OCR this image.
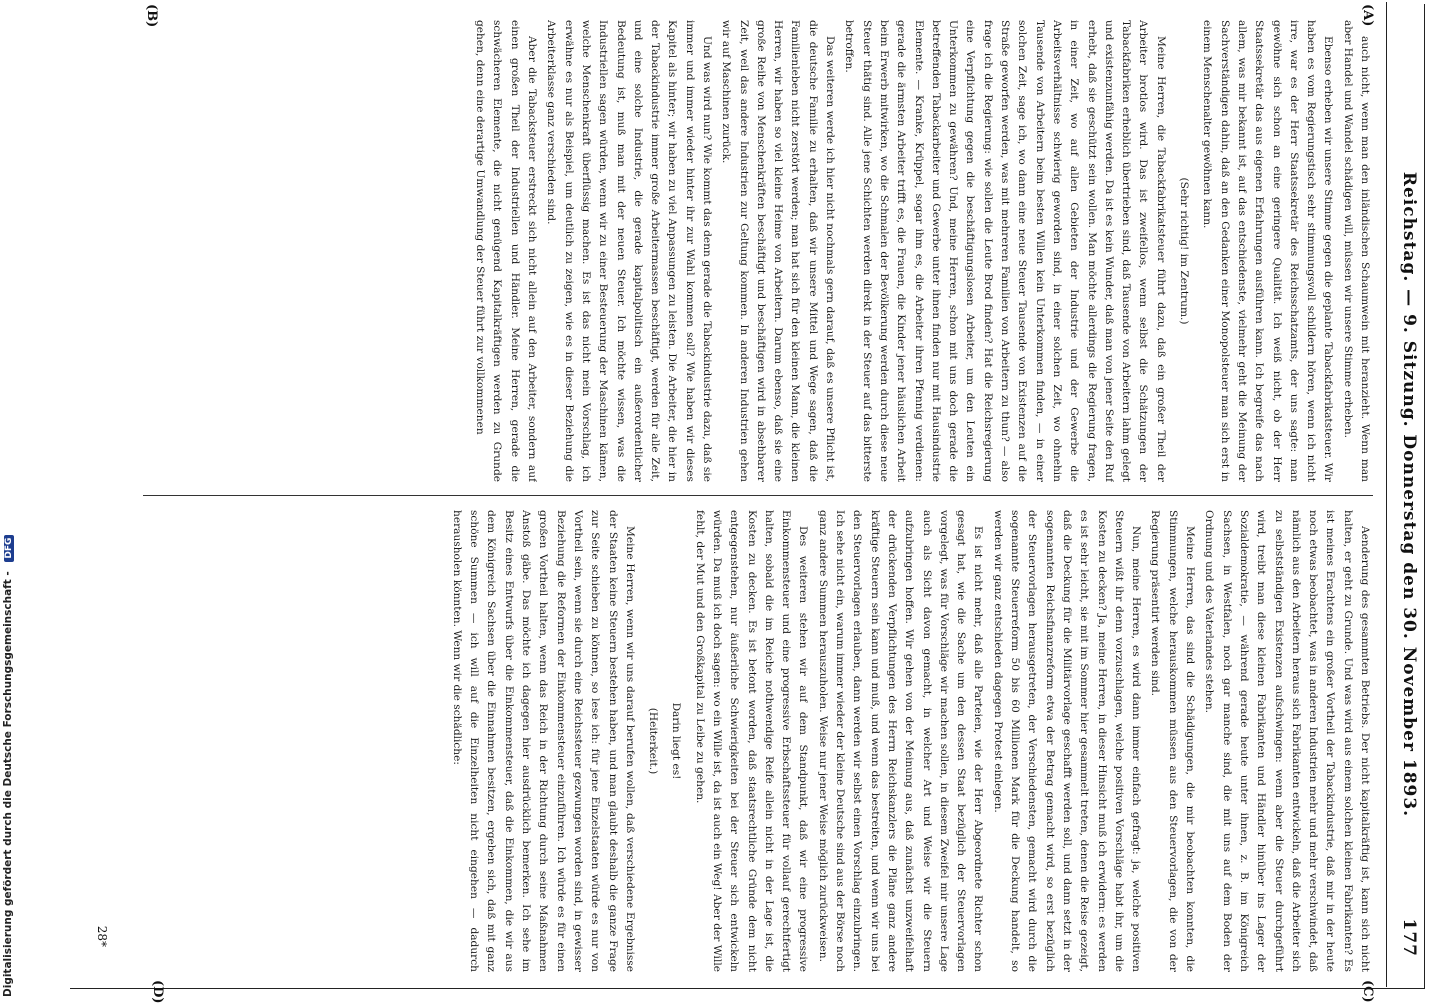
Reichstag. — 9. Sitzung. Donnerstag den 30. November 1893.
177
(A)
(B)
(C)
(D)

auch nicht, wenn man den inländischen Schaumwein mit heranzieht. Wenn man aber Handel und Wandel schädigen will, müssen wir unsere Stimme erheben.

Ebenso erheben wir unsere Stimme gegen die geplante Tabackfabrikatsteuer. Wir haben es vom Regierungstisch sehr stimmungsvoll schildern hören, wenn ich nicht irre, war es der Herr Staatssekretär des Reichsschatzamts, der uns sagte: man gewöhne sich schon an eine geringere Qualität. Ich weiß nicht, ob der Herr Staatssekretär das aus eigenen Erfahrungen ausführen kann. Ich begreife das nach allem, was mir bekannt ist, auf das entschiedenste, vielmehr geht die Meinung der Sachverständigen dahin, daß an den Gedanken einer Monopolsteuer man sich erst in einem Menschenalter gewöhnen kann.

(Sehr richtig! im Zentrum.)

Meine Herren, die Tabackfabrikatsteuer führt dazu, daß ein großer Theil der Arbeiter brotlos wird. Das ist zweifellos, wenn selbst die Schätzungen der Tabackfabriken erheblich übertrieben sind, daß Tausende von Arbeitern lahm gelegt und existenzunfähig werden. Da ist es kein Wunder, daß man von jener Seite den Ruf erhebt, daß sie geschützt sein wollen. Man möchte allerdings die Regierung fragen, in einer Zeit, wo auf allen Gebieten der Industrie und der Gewerbe die Arbeitsverhältnisse schwierig geworden sind, in einer solchen Zeit, wo ohnehin Tausende von Arbeitern beim besten Willen kein Unterkommen finden, — in einer solchen Zeit, sage ich, wo dann eine neue Steuer Tausende von Existenzen auf die Straße geworfen werden, was mit mehreren Familien von Arbeitern zu thun? — also frage ich die Regierung: wie sollen die Leute Brod finden? Hat die Reichsregierung eine Verpflichtung gegen die beschäftigungslosen Arbeiter, um den Leuten ein Unterkommen zu gewähren? Und, meine Herren, schon mit uns doch gerade die betreffenden Tabackarbeiter und Gewerbe unter ihnen finden nur mit Hausindustrie Elemente. — Kranke, Krüppel, sogar ihm es, die Arbeiter ihren Pfennig verdienen: gerade die ärmsten Arbeiter trifft es, die Frauen, die Kinder jener häuslichen Arbeit beim Erwerb mitwirken, wo die Schmalen der Bevölkerung werden durch diese neue Steuer thätig sind. Alle jene Schichten werden direkt in der Steuer auf das bitterste betroffen.

Das weiteren werde ich hier nicht nochmals gern darauf, daß es unsere Pflicht ist, die deutsche Familie zu erhalten, daß wir unsere Mittel und Wege sagen, daß die Familienleben nicht zerstört werden; man hat sich für den kleinen Mann, die kleinen Herren, wir haben so viel kleine Heime von Arbeitern. Darum ebenso, daß sie eine große Reihe von Menschenkräften beschäftigt und beschäftigen wird in absehbarer Zeit, weil das andere Industrien zur Geltung kommen. In anderen Industrien gehen wir auf Maschinen zurück.

Und was wird nun? Wie kommt das denn gerade die Tabackindustrie dazu, daß sie immer und immer wieder hinter ihr zur Wahl kommen soll? Wie haben wir dieses Kapitel als hinter; wir haben zu viel Anpassungen zu leisten. Die Arbeiter, die hier in der Tabackindustrie immer große Arbeitermassen beschäftigt, werden für alle Zeit, und eine solche Industrie, die gerade kapitalpolitisch ein außerordentlicher Bedeutung ist, muß man mit der neuen Steuer. Ich möchte wissen, was die Industriellen sagen würden, wenn wir zu einer Besteuerung der Maschinen kämen, welche Menschenkraft überflüssig machen. Es ist das nicht mein Vorschlag, ich erwähne es nur als Beispiel, um deutlich zu zeigen, wie es in dieser Beziehung die Arbeiterklasse ganz verschieden sind.

Aber die Tabacksteuer erstreckt sich nicht allein auf den Arbeiter, sondern auf einen großen Theil der Industriellen und Händler. Meine Herren, gerade die schwächeren Elemente, die nicht genügend Kapitalkräftigen werden zu Grunde gehen, denn eine derartige Umwandlung der Steuer führt zur vollkommenen

Aenderung des gesammten Betriebs. Der nicht kapitalkräftig ist, kann sich nicht halten, er geht zu Grunde. Und was wird aus einem solchen kleinen Fabrikanten? Es ist meines Erachtens ein großer Vortheil der Tabackindustrie, daß mir in der heute noch etwas beobachtet, was in anderen Industrien mehr und mehr verschwindet, daß nämlich aus den Arbeitern heraus sich Fabrikanten entwickeln, daß die Arbeiter sich zu selbstständigen Existenzen aufschwingen: wenn aber die Steuer durchgeführt wird, treibt man diese kleinen Fabrikanten und Händler hinüber ins Lager der Sozialdemokratie, — während gerade heute unter ihnen, z. B. im Königreich Sachsen, in Westfalen, noch gar manche sind, die mit uns auf dem Boden der Ordnung und des Vaterlandes stehen.

Meine Herren, das sind die Schädigungen, die mir beobachten konnten, die Stimmungen, welche herauskommen müssen aus den Steuervorlagen, die von der Regierung präsentirt werden sind.

Nun, meine Herren, es wird dann immer einfach gefragt: ja, welche positiven Steuern wißt ihr denn vorzuschlagen, welche positiven Vorschläge habt ihr, um die Kosten zu decken? Ja, meine Herren, in dieser Hinsicht muß ich erwidern: es werden es ist sehr leicht, sie mit im Sommer hier gesammelt treten, denen die Reise gezeigt, daß die Deckung für die Militärvorlage geschafft werden soll, und dann setzt in der sogenannten Reichsfinanzreform etwa der Betrag gemacht wird, so erst bezüglich der Steuervorlagen herausgetreten, der Verschiedensten, gemacht wird durch die sogenannte Steuerreform 50 bis 60 Millionen Mark für die Deckung handelt, so werden wir ganz entschieden dagegen Protest einlegen.

Es ist nicht mehr, daß alle Parteien, wie der Herr Abgeordnete Richter schon gesagt hat, wie die Sache um den dessen Staat bezüglich der Steuervorlagen vorgelegt, was für Vorschläge wir machen sollen, in diesem Zweifel mir unsere Lage auch als Sicht davon gemacht, in welcher Art und Weise wir die Steuern aufzubringen hoffen. Wir gehen von der Meinung aus, daß zunächst unzweifelhaft der drückenden Verpflichtungen des Herrn Reichskanzlers die Pläne ganz andere kräftige Steuern sein kann und muß, und wenn das bestreiten, und wenn wir uns bei den Steuervorlagen erlauben, dann werden wir selbst einen Vorschlag einzubringen. Ich sehe nicht ein, warum immer wieder der kleine Deutsche sind aus der Börse noch ganz andere Summen herauszuholen. Weise nur jener Weise möglich zurückweisen.

Des weiteren stehen wir auf dem Standpunkt, daß wir eine progressive Einkommensteuer und eine progressive Erbschaftssteuer für vollauf gerechtfertigt halten, sobald die im Reiche nothwendige Reife allein nicht in der Lage ist, die Kosten zu decken. Es ist betont worden, daß staatsrechtliche Gründe dem nicht entgegenstehen, nur äußerliche Schwierigkeiten bei der Steuer sich entwickeln würden. Da muß ich doch sagen: wo ein Wille ist, da ist auch ein Weg! Aber der Wille fehlt, der Mut und den Großkapital zu Leibe zu gehen.

Darin liegt es!

(Heiterkeit.)

Meine Herren, wenn wir uns darauf berufen wollen, daß verschiedene Ergebnisse der Staaten keine Steuern bestehen haben, und man glaubt deshalb die ganze Frage zur Seite schieben zu können, so lese ich: für jene Einzelstaaten würde es nur von Vortheil sein, wenn sie durch eine Reichssteuer gezwungen worden sind, in gewisser Beziehung die Reformen der Einkommensteuer einzuführen. Ich würde es für einen großen Vortheil halten, wenn das Reich in der Richtung durch seine Maßnahmen Anstoß gäbe. Das möchte ich dagegen hier ausdrücklich bemerken. Ich sehe im Besitz eines Entwurfs über die Einkommensteuer, daß die Einkommen, die wir aus dem Königreich Sachsen über die Einnahmen besitzen, ergeben sich, daß mit ganz schöne Summen — ich will auf die Einzelheiten nicht eingehen — dadurch herausholen könnten. Wenn wir die schädliche:

28*
Digitalisierung gefördert durch die Deutsche Forschungsgemeinschaft - DFG
